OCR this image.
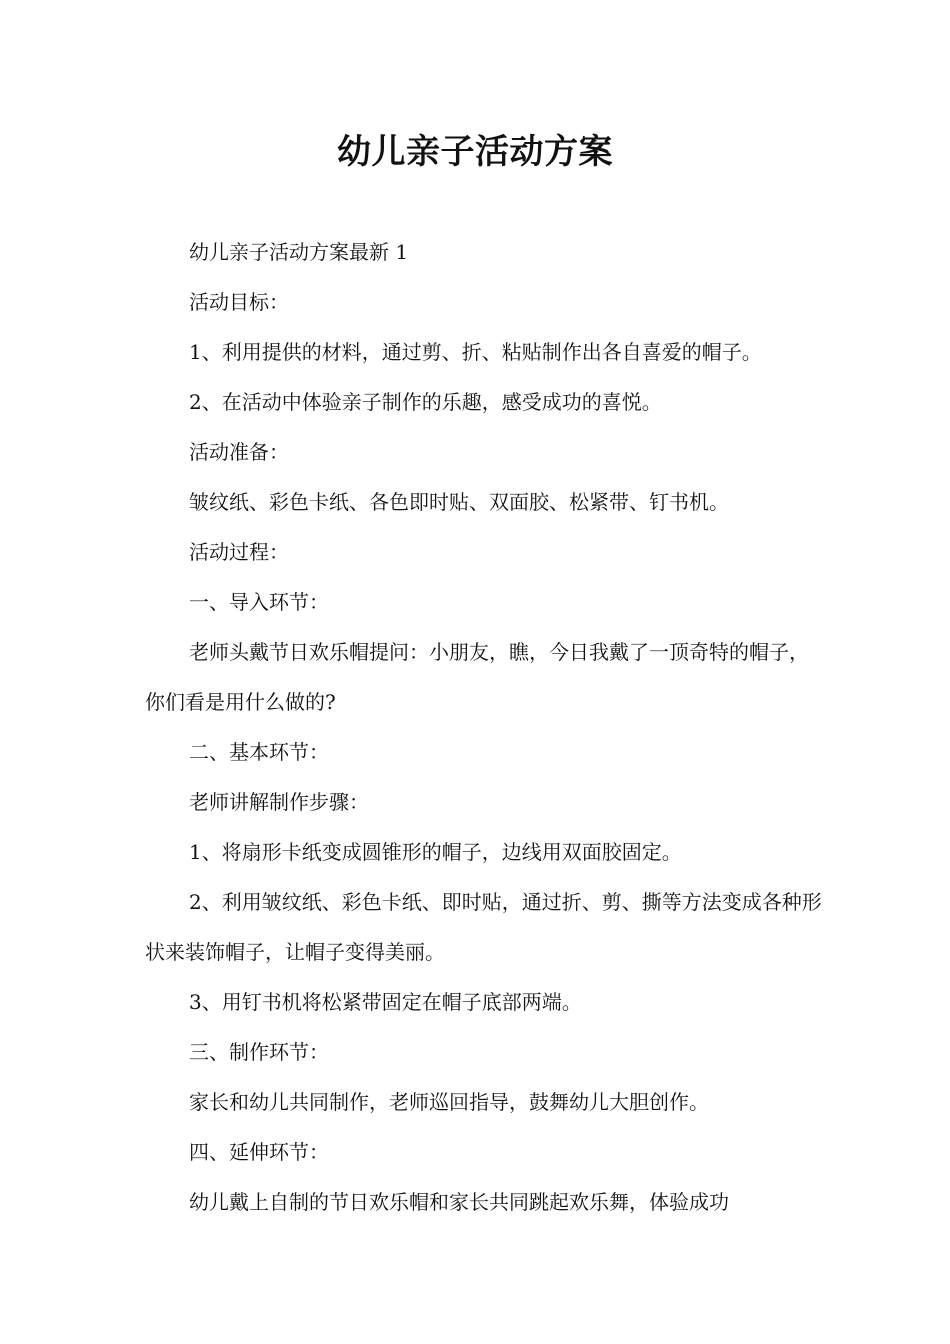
幼儿亲子活动方案

幼儿亲子活动方案最新 1

活动目标：

1、利用提供的材料，通过剪、折、粘贴制作出各自喜爱的帽子。

2、在活动中体验亲子制作的乐趣，感受成功的喜悦。

活动准备：

皱纹纸、彩色卡纸、各色即时贴、双面胶、松紧带、钉书机。

活动过程：

一、导入环节：

老师头戴节日欢乐帽提问：小朋友，瞧，今日我戴了一顶奇特的帽子，你们看是用什么做的?

二、基本环节：

老师讲解制作步骤：

1、将扇形卡纸变成圆锥形的帽子，边线用双面胶固定。

2、利用皱纹纸、彩色卡纸、即时贴，通过折、剪、撕等方法变成各种形状来装饰帽子，让帽子变得美丽。

3、用钉书机将松紧带固定在帽子底部两端。

三、制作环节：

家长和幼儿共同制作，老师巡回指导，鼓舞幼儿大胆创作。

四、延伸环节：

幼儿戴上自制的节日欢乐帽和家长共同跳起欢乐舞，体验成功
